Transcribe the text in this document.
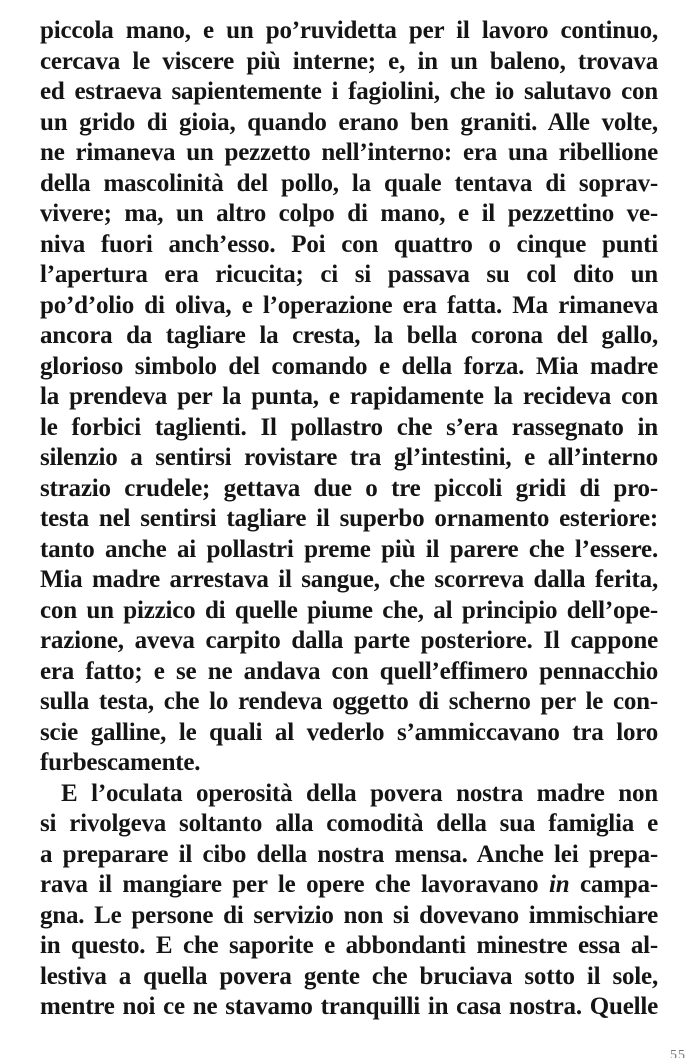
piccola mano, e un po’ruvidetta per il lavoro continuo,
cercava le viscere più interne; e, in un baleno, trovava
ed estraeva sapientemente i fagiolini, che io salutavo con
un grido di gioia, quando erano ben graniti. Alle volte,
ne rimaneva un pezzetto nell’interno: era una ribellione
della mascolinità del pollo, la quale tentava di soprav-
vivere; ma, un altro colpo di mano, e il pezzettino ve-
niva fuori anch’esso. Poi con quattro o cinque punti
l’apertura era ricucita; ci si passava su col dito un
po’d’olio di oliva, e l’operazione era fatta. Ma rimaneva
ancora da tagliare la cresta, la bella corona del gallo,
glorioso simbolo del comando e della forza. Mia madre
la prendeva per la punta, e rapidamente la recideva con
le forbici taglienti. Il pollastro che s’era rassegnato in
silenzio a sentirsi rovistare tra gl’intestini, e all’interno
strazio crudele; gettava due o tre piccoli gridi di pro-
testa nel sentirsi tagliare il superbo ornamento esteriore:
tanto anche ai pollastri preme più il parere che l’essere.
Mia madre arrestava il sangue, che scorreva dalla ferita,
con un pizzico di quelle piume che, al principio dell’ope-
razione, aveva carpito dalla parte posteriore. Il cappone
era fatto; e se ne andava con quell’effimero pennacchio
sulla testa, che lo rendeva oggetto di scherno per le con-
scie galline, le quali al vederlo s’ammiccavano tra loro
furbescamente.
E l’oculata operosità della povera nostra madre non
si rivolgeva soltanto alla comodità della sua famiglia e
a preparare il cibo della nostra mensa. Anche lei prepa-
rava il mangiare per le opere che lavoravano in campa-
gna. Le persone di servizio non si dovevano immischiare
in questo. E che saporite e abbondanti minestre essa al-
lestiva a quella povera gente che bruciava sotto il sole,
mentre noi ce ne stavamo tranquilli in casa nostra. Quelle
55
